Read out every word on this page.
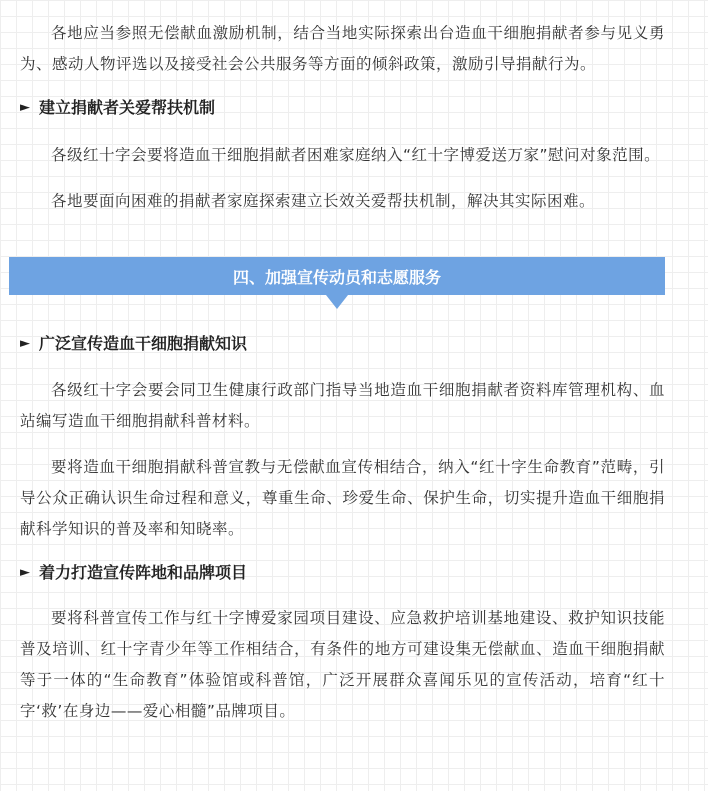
各地应当参照无偿献血激励机制，结合当地实际探索出台造血干细胞捐献者参与见义勇为、感动人物评选以及接受社会公共服务等方面的倾斜政策，激励引导捐献行为。

► 建立捐献者关爱帮扶机制

各级红十字会要将造血干细胞捐献者困难家庭纳入“红十字博爱送万家”慰问对象范围。

各地要面向困难的捐献者家庭探索建立长效关爱帮扶机制，解决其实际困难。

四、加强宣传动员和志愿服务
► 广泛宣传造血干细胞捐献知识

各级红十字会要会同卫生健康行政部门指导当地造血干细胞捐献者资料库管理机构、血站编写造血干细胞捐献科普材料。

要将造血干细胞捐献科普宣教与无偿献血宣传相结合，纳入“红十字生命教育”范畴，引导公众正确认识生命过程和意义，尊重生命、珍爱生命、保护生命，切实提升造血干细胞捐献科学知识的普及率和知晓率。

► 着力打造宣传阵地和品牌项目

要将科普宣传工作与红十字博爱家园项目建设、应急救护培训基地建设、救护知识技能普及培训、红十字青少年等工作相结合，有条件的地方可建设集无偿献血、造血干细胞捐献等于一体的“生命教育”体验馆或科普馆，广泛开展群众喜闻乐见的宣传活动，培育“红十字‘救’在身边——爱心相髓”品牌项目。
